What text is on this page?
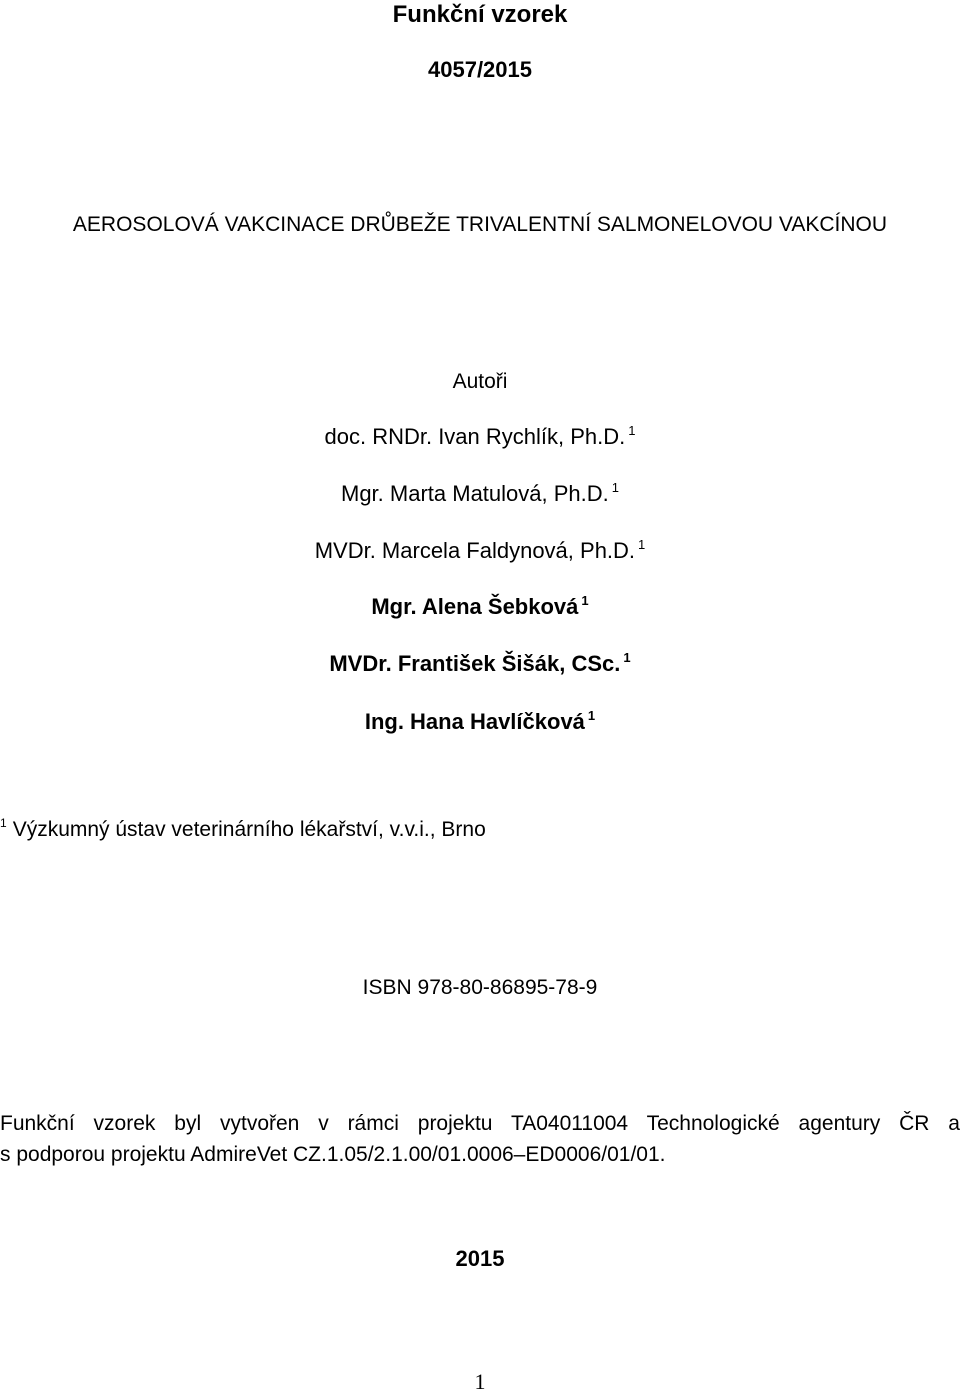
Funkční vzorek
4057/2015
AEROSOLOVÁ VAKCINACE DRŮBEŽE TRIVALENTNÍ SALMONELOVOU VAKCÍNOU
Autoři
doc. RNDr. Ivan Rychlík, Ph.D. $^1$
Mgr. Marta Matulová, Ph.D. $^1$
MVDr. Marcela Faldynová, Ph.D. $^1$
Mgr. Alena Šebková $^1$
MVDr. František Šišák, CSc. $^1$
Ing. Hana Havlíčková $^1$
$^1$ Výzkumný ústav veterinárního lékařství, v.v.i., Brno
ISBN 978-80-86895-78-9
Funkční vzorek byl vytvořen v rámci projektu TA04011004 Technologické agentury ČR a
s podporou projektu AdmireVet CZ.1.05/2.1.00/01.0006–ED0006/01/01.
2015
1
